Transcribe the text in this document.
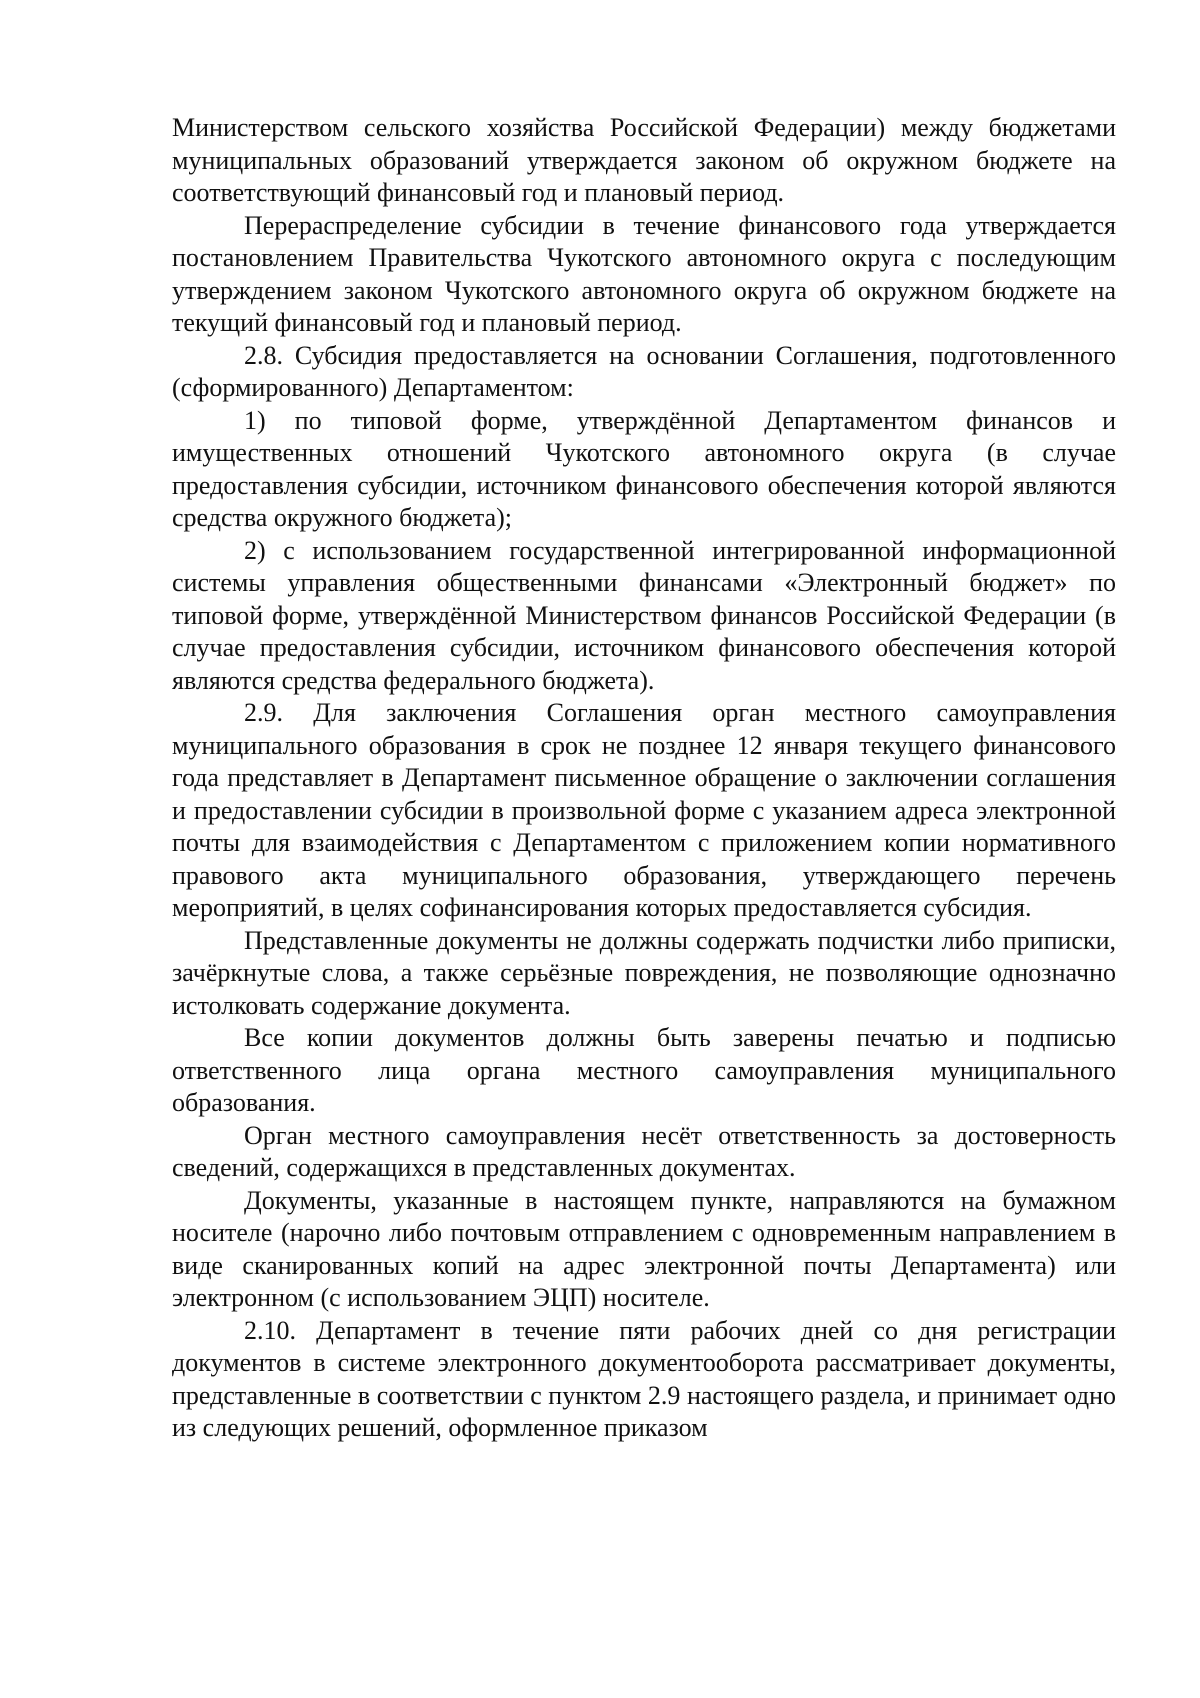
Министерством сельского хозяйства Российской Федерации) между бюджетами муниципальных образований утверждается законом об окружном бюджете на соответствующий финансовый год и плановый период.

Перераспределение субсидии в течение финансового года утверждается постановлением Правительства Чукотского автономного округа с последующим утверждением законом Чукотского автономного округа об окружном бюджете на текущий финансовый год и плановый период.

2.8. Субсидия предоставляется на основании Соглашения, подготовленного (сформированного) Департаментом:

1) по типовой форме, утверждённой Департаментом финансов и имущественных отношений Чукотского автономного округа (в случае предоставления субсидии, источником финансового обеспечения которой являются средства окружного бюджета);

2) с использованием государственной интегрированной информационной системы управления общественными финансами «Электронный бюджет» по типовой форме, утверждённой Министерством финансов Российской Федерации (в случае предоставления субсидии, источником финансового обеспечения которой являются средства федерального бюджета).

2.9. Для заключения Соглашения орган местного самоуправления муниципального образования в срок не позднее 12 января текущего финансового года представляет в Департамент письменное обращение о заключении соглашения и предоставлении субсидии в произвольной форме с указанием адреса электронной почты для взаимодействия с Департаментом с приложением копии нормативного правового акта муниципального образования, утверждающего перечень мероприятий, в целях софинансирования которых предоставляется субсидия.

Представленные документы не должны содержать подчистки либо приписки, зачёркнутые слова, а также серьёзные повреждения, не позволяющие однозначно истолковать содержание документа.

Все копии документов должны быть заверены печатью и подписью ответственного лица органа местного самоуправления муниципального образования.

Орган местного самоуправления несёт ответственность за достоверность сведений, содержащихся в представленных документах.

Документы, указанные в настоящем пункте, направляются на бумажном носителе (нарочно либо почтовым отправлением с одновременным направлением в виде сканированных копий на адрес электронной почты Департамента) или электронном (с использованием ЭЦП) носителе.

2.10. Департамент в течение пяти рабочих дней со дня регистрации документов в системе электронного документооборота рассматривает документы, представленные в соответствии с пунктом 2.9 настоящего раздела, и принимает одно из следующих решений, оформленное приказом
